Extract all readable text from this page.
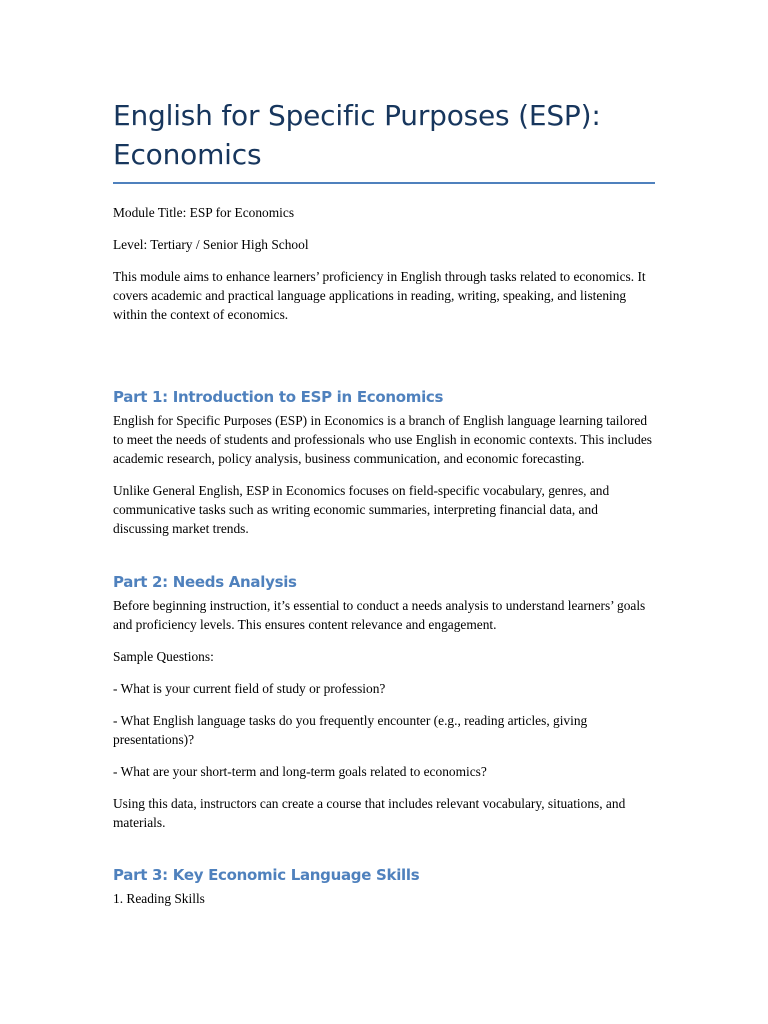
English for Specific Purposes (ESP): Economics

Module Title: ESP for Economics

Level: Tertiary / Senior High School

This module aims to enhance learners’ proficiency in English through tasks related to economics. It covers academic and practical language applications in reading, writing, speaking, and listening within the context of economics.

Part 1: Introduction to ESP in Economics

English for Specific Purposes (ESP) in Economics is a branch of English language learning tailored to meet the needs of students and professionals who use English in economic contexts. This includes academic research, policy analysis, business communication, and economic forecasting.

Unlike General English, ESP in Economics focuses on field-specific vocabulary, genres, and communicative tasks such as writing economic summaries, interpreting financial data, and discussing market trends.

Part 2: Needs Analysis

Before beginning instruction, it’s essential to conduct a needs analysis to understand learners’ goals and proficiency levels. This ensures content relevance and engagement.

Sample Questions:

- What is your current field of study or profession?

- What English language tasks do you frequently encounter (e.g., reading articles, giving presentations)?

- What are your short-term and long-term goals related to economics?

Using this data, instructors can create a course that includes relevant vocabulary, situations, and materials.

Part 3: Key Economic Language Skills

1. Reading Skills
